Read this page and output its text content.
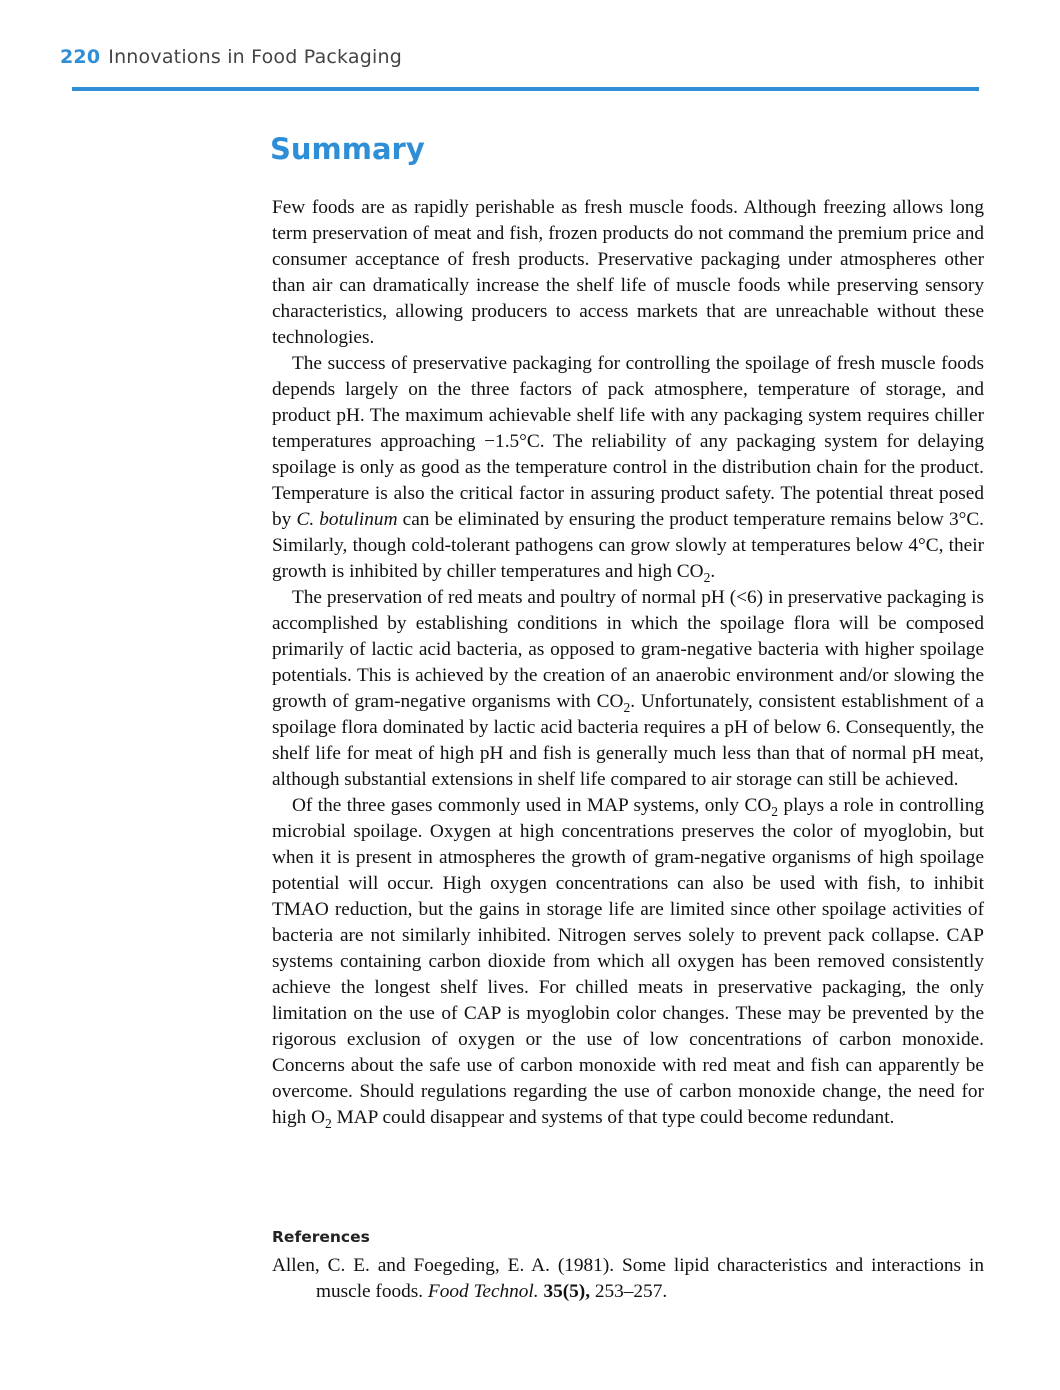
220 Innovations in Food Packaging
Summary

Few foods are as rapidly perishable as fresh muscle foods. Although freezing allows long term preservation of meat and fish, frozen products do not command the premium price and consumer acceptance of fresh products. Preservative packaging under atmospheres other than air can dramatically increase the shelf life of muscle foods while preserving sensory characteristics, allowing producers to access markets that are unreachable without these technologies.

The success of preservative packaging for controlling the spoilage of fresh muscle foods depends largely on the three factors of pack atmosphere, temperature of storage, and product pH. The maximum achievable shelf life with any packaging system requires chiller temperatures approaching −1.5°C. The reliability of any packaging system for delaying spoilage is only as good as the temperature control in the distribution chain for the product. Temperature is also the critical factor in assuring product safety. The potential threat posed by C. botulinum can be eliminated by ensuring the product temperature remains below 3°C. Similarly, though cold-tolerant pathogens can grow slowly at temperatures below 4°C, their growth is inhibited by chiller temperatures and high $CO_2$.

The preservation of red meats and poultry of normal pH (<6) in preservative packaging is accomplished by establishing conditions in which the spoilage flora will be composed primarily of lactic acid bacteria, as opposed to gram-negative bacteria with higher spoilage potentials. This is achieved by the creation of an anaerobic environment and/or slowing the growth of gram-negative organisms with $CO_2$. Unfortunately, consistent establishment of a spoilage flora dominated by lactic acid bacteria requires a pH of below 6. Consequently, the shelf life for meat of high pH and fish is generally much less than that of normal pH meat, although substantial extensions in shelf life compared to air storage can still be achieved.

Of the three gases commonly used in MAP systems, only $CO_2$ plays a role in controlling microbial spoilage. Oxygen at high concentrations preserves the color of myoglobin, but when it is present in atmospheres the growth of gram-negative organisms of high spoilage potential will occur. High oxygen concentrations can also be used with fish, to inhibit TMAO reduction, but the gains in storage life are limited since other spoilage activities of bacteria are not similarly inhibited. Nitrogen serves solely to prevent pack collapse. CAP systems containing carbon dioxide from which all oxygen has been removed consistently achieve the longest shelf lives. For chilled meats in preservative packaging, the only limitation on the use of CAP is myoglobin color changes. These may be prevented by the rigorous exclusion of oxygen or the use of low concentrations of carbon monoxide. Concerns about the safe use of carbon monoxide with red meat and fish can apparently be overcome. Should regulations regarding the use of carbon monoxide change, the need for high $O_2$ MAP could disappear and systems of that type could become redundant.

References

Allen, C. E. and Foegeding, E. A. (1981). Some lipid characteristics and interactions in muscle foods. Food Technol. 35(5), 253–257.
